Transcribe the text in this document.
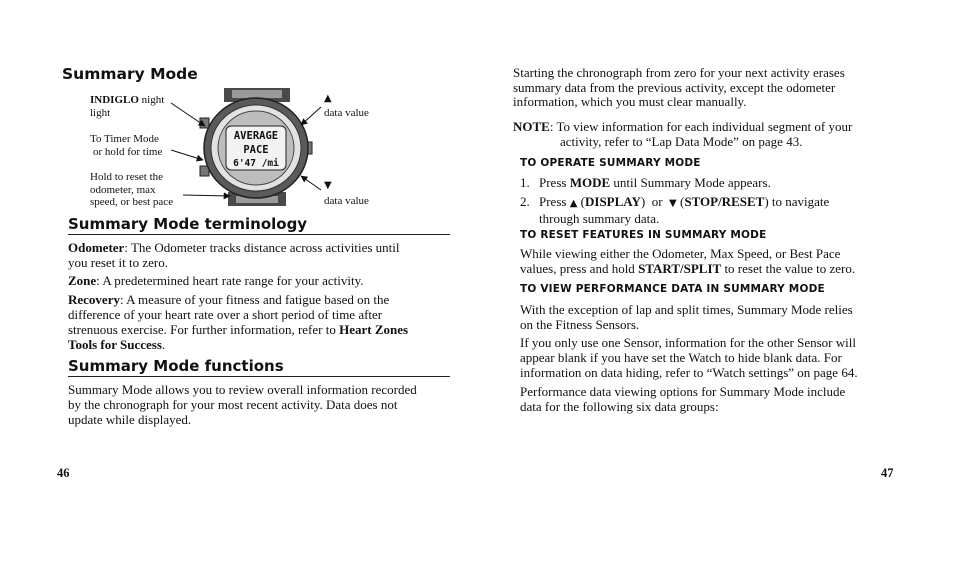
Summary Mode
INDIGLO night
light
To Timer Mode
or hold for time
Hold to reset the
odometer, max
speed, or best pace
▲
data value
▼
data value
AVERAGE
PACE
6'47 /mi
Summary Mode terminology
Odometer: The Odometer tracks distance across activities until
you reset it to zero.
Zone: A predetermined heart rate range for your activity.
Recovery: A measure of your fitness and fatigue based on the
difference of your heart rate over a short period of time after
strenuous exercise. For further information, refer to Heart Zones
Tools for Success.
Summary Mode functions
Summary Mode allows you to review overall information recorded
by the chronograph for your most recent activity. Data does not
update while displayed.
46
Starting the chronograph from zero for your next activity erases
summary data from the previous activity, except the odometer
information, which you must clear manually.
NOTE: To view information for each individual segment of your
activity, refer to “Lap Data Mode” on page 43.
TO OPERATE SUMMARY MODE
1. Press MODE until Summary Mode appears.
2. Press ▲ (DISPLAY)  or  ▼ (STOP/RESET) to navigate
through summary data.
TO RESET FEATURES IN SUMMARY MODE
While viewing either the Odometer, Max Speed, or Best Pace
values, press and hold START/SPLIT to reset the value to zero.
TO VIEW PERFORMANCE DATA IN SUMMARY MODE
With the exception of lap and split times, Summary Mode relies
on the Fitness Sensors.
If you only use one Sensor, information for the other Sensor will
appear blank if you have set the Watch to hide blank data. For
information on data hiding, refer to “Watch settings” on page 64.
Performance data viewing options for Summary Mode include
data for the following six data groups:
47
